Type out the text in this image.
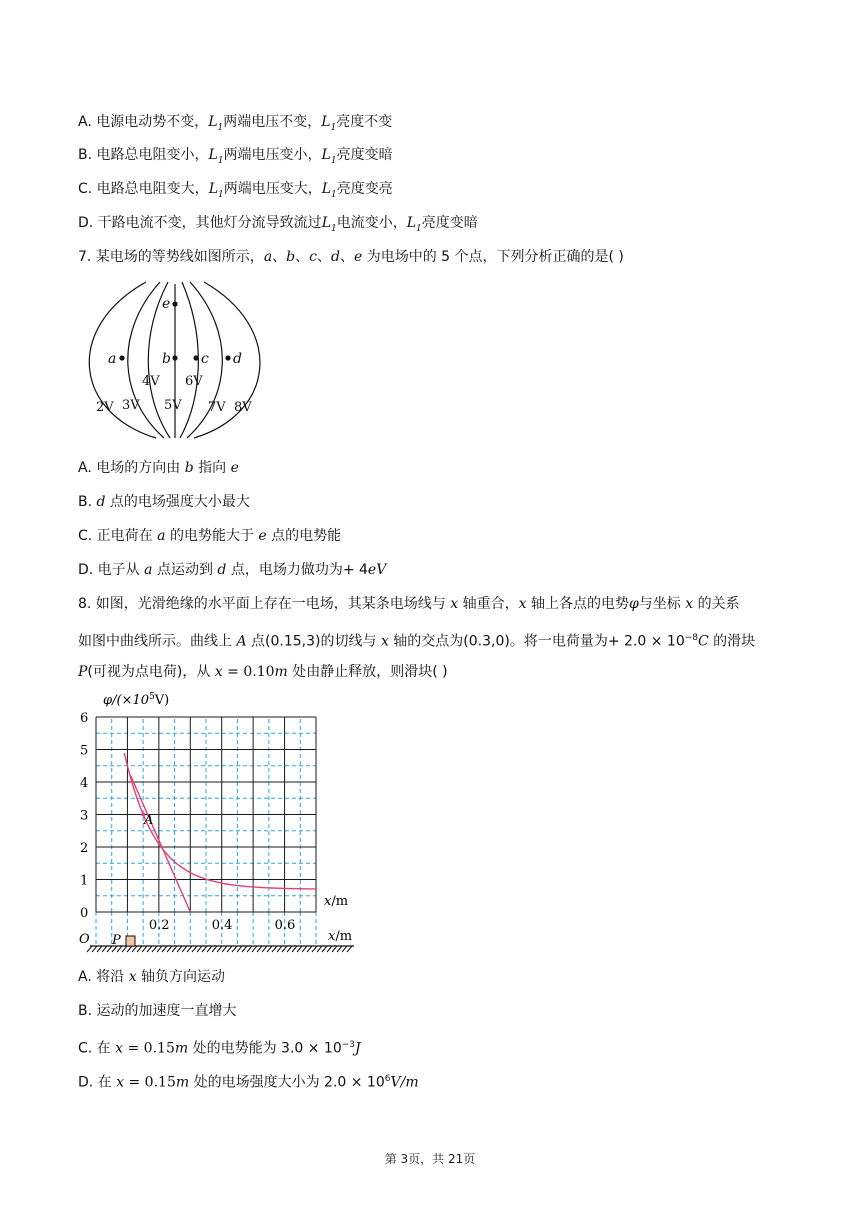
A. 电源电动势不变，$L_1$两端电压不变，$L_1$亮度不变
B. 电路总电阻变小，$L_1$两端电压变小，$L_1$亮度变暗
C. 电路总电阻变大，$L_1$两端电压变大，$L_1$亮度变亮
D. 干路电流不变，其他灯分流导致流过$L_1$电流变小，$L_1$亮度变暗
7. 某电场的等势线如图所示，a、b、c、d、e 为电场中的 5 个点，下列分析正确的是( )
e
a	b c d
2V 3V
4V
5V
6V
7V 8V
A. 电场的方向由 b 指向 e
B. d 点的电场强度大小最大
C. 正电荷在 a 的电势能大于 e 点的电势能
D. 电子从 a 点运动到 d 点，电场力做功为+ 4eV
8. 如图，光滑绝缘的水平面上存在一电场，其某条电场线与 x 轴重合，x 轴上各点的电势φ与坐标 x 的关系
如图中曲线所示。曲线上 A 点(0.15,3)的切线与 x 轴的交点为(0.3,0)。将一电荷量为+ $2.0 \times 10^{-8}C$ 的滑块
P(可视为点电荷)，从 x = 0.10m 处由静止释放，则滑块( )
$\varphi/(\times 10^5V)$
6
5
4
3
2
1
0
0.2	0.4	0.6
x/m
A
O P	x/m
A. 将沿 x 轴负方向运动
B. 运动的加速度一直增大
C. 在 x = 0.15m 处的电势能为 $3.0 \times 10^{-3}J$
D. 在 x = 0.15m 处的电场强度大小为 $2.0 \times 10^6V/m$
第 3页，共 21页
